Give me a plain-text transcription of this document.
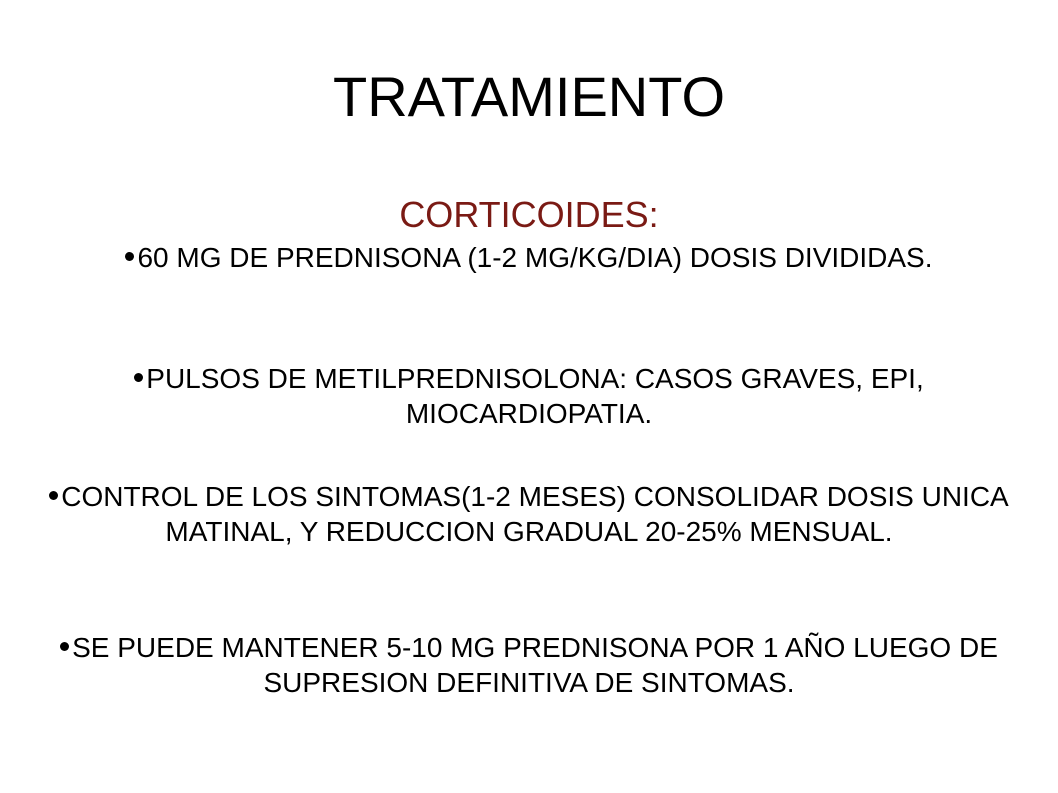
TRATAMIENTO
CORTICOIDES:

60 MG DE PREDNISONA (1-2 MG/KG/DIA) DOSIS DIVIDIDAS.

PULSOS DE METILPREDNISOLONA: CASOS GRAVES, EPI, MIOCARDIOPATIA.

CONTROL DE LOS SINTOMAS(1-2 MESES) CONSOLIDAR DOSIS UNICA MATINAL, Y REDUCCION GRADUAL 20-25% MENSUAL.

SE PUEDE MANTENER 5-10 MG PREDNISONA POR 1 AÑO LUEGO DE SUPRESION DEFINITIVA DE SINTOMAS.
